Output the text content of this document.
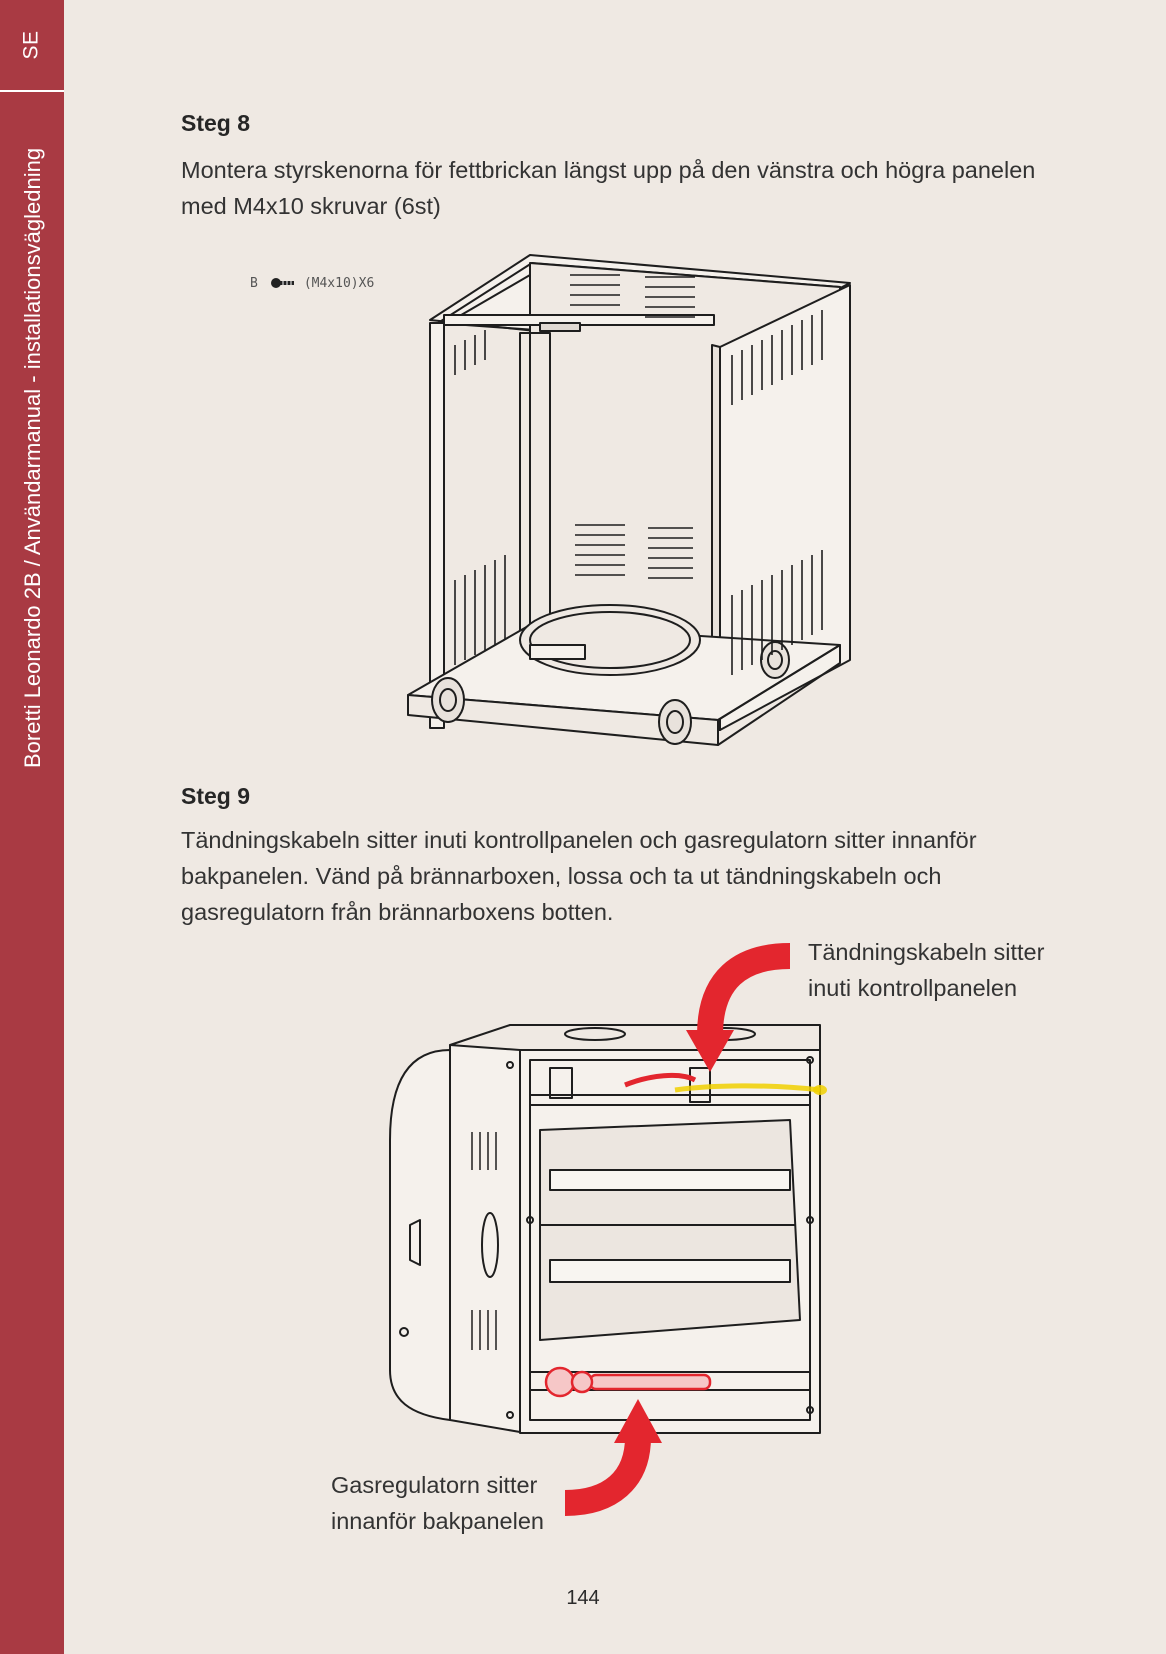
SE
Boretti Leonardo 2B / Användarmanual - installationsvägledning
Steg 8
Montera styrskenorna för fettbrickan längst upp på den vänstra och högra panelen med M4x10 skruvar (6st)
B	(M4x10)X6
Steg 9
Tändningskabeln sitter inuti kontrollpanelen och gasregulatorn sitter innanför bakpanelen. Vänd på brännarboxen, lossa och ta ut tändningskabeln och gasregulatorn från brännarboxens botten.
Tändningskabeln sitter
inuti kontrollpanelen
Gasregulatorn sitter
innanför bakpanelen
144
